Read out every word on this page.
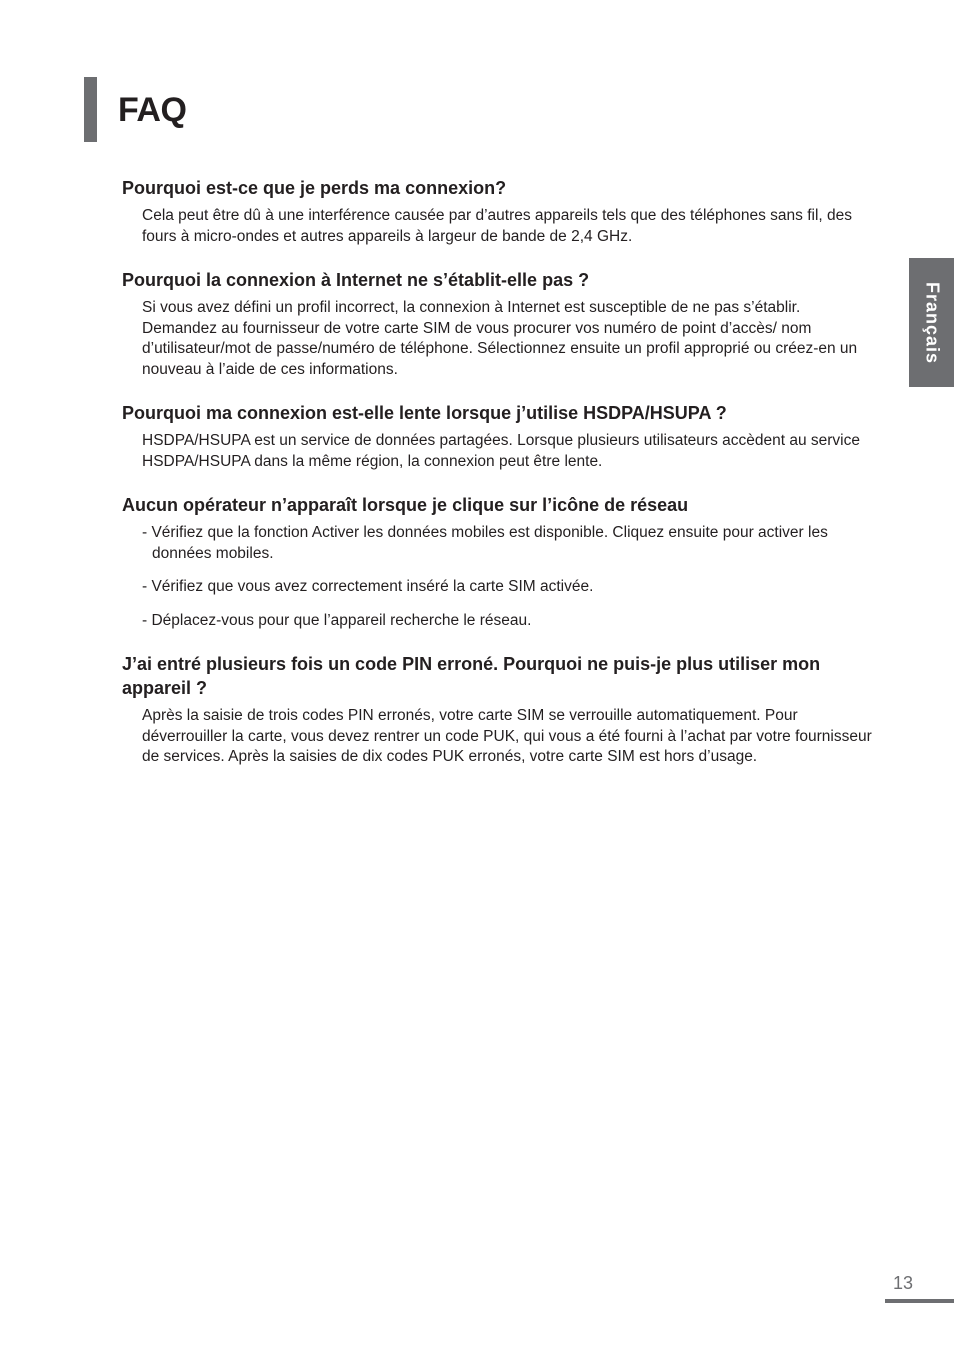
FAQ
Français
Pourquoi est-ce que je perds ma connexion?

Cela peut être dû à une interférence causée par d’autres appareils tels que des téléphones sans fil, des fours à micro-ondes et autres appareils à largeur de bande de 2,4 GHz.

Pourquoi la connexion à Internet ne s’établit-elle pas ?

Si vous avez défini un profil incorrect, la connexion à Internet est susceptible de ne pas s’établir. Demandez au fournisseur de votre carte SIM de vous procurer vos numéro de point d’accès/ nom d’utilisateur/mot de passe/numéro de téléphone. Sélectionnez ensuite un profil approprié ou créez-en un nouveau à l’aide de ces informations.

Pourquoi ma connexion est-elle lente lorsque j’utilise HSDPA/HSUPA ?

HSDPA/HSUPA est un service de données partagées. Lorsque plusieurs utilisateurs accèdent au service HSDPA/HSUPA dans la même région, la connexion peut être lente.

Aucun opérateur n’apparaît lorsque je clique sur l’icône de réseau
- Vérifiez que la fonction Activer les données mobiles est disponible. Cliquez ensuite pour activer les données mobiles.
- Vérifiez que vous avez correctement inséré la carte SIM activée.
- Déplacez-vous pour que l’appareil recherche le réseau.
J’ai entré plusieurs fois un code PIN erroné. Pourquoi ne puis-je plus utiliser mon appareil ?

Après la saisie de trois codes PIN erronés, votre carte SIM se verrouille automatiquement. Pour déverrouiller la carte, vous devez rentrer un code PUK, qui vous a été fourni à l’achat par votre fournisseur de services. Après la saisies de dix codes PUK erronés, votre carte SIM est hors d’usage.

13
